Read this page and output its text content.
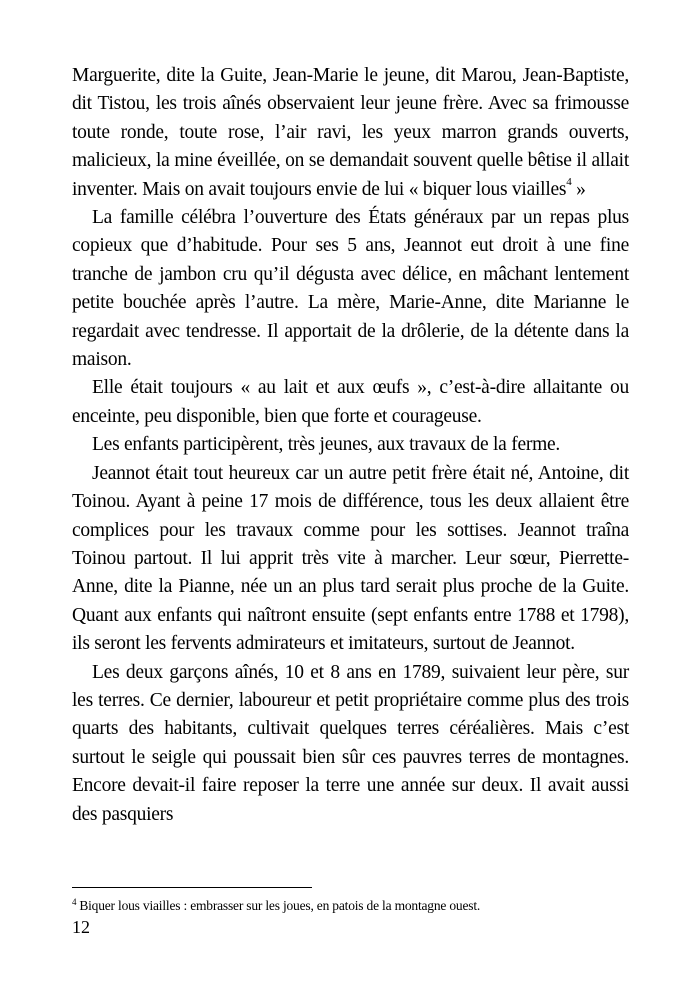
Marguerite, dite la Guite, Jean-Marie le jeune, dit Marou, Jean-Baptiste, dit Tistou, les trois aînés observaient leur jeune frère. Avec sa frimousse toute ronde, toute rose, l’air ravi, les yeux marron grands ouverts, malicieux, la mine éveillée, on se demandait souvent quelle bêtise il allait inventer. Mais on avait toujours envie de lui « biquer lous viailles$^4$ »

La famille célébra l’ouverture des États généraux par un repas plus copieux que d’habitude. Pour ses 5 ans, Jeannot eut droit à une fine tranche de jambon cru qu’il dégusta avec délice, en mâchant lentement petite bouchée après l’autre. La mère, Marie-Anne, dite Marianne le regardait avec tendresse. Il apportait de la drôlerie, de la détente dans la maison.

Elle était toujours « au lait et aux œufs », c’est-à-dire allaitante ou enceinte, peu disponible, bien que forte et courageuse.

Les enfants participèrent, très jeunes, aux travaux de la ferme.

Jeannot était tout heureux car un autre petit frère était né, Antoine, dit Toinou. Ayant à peine 17 mois de différence, tous les deux allaient être complices pour les travaux comme pour les sottises. Jeannot traîna Toinou partout. Il lui apprit très vite à marcher. Leur sœur, Pierrette-Anne, dite la Pianne, née un an plus tard serait plus proche de la Guite. Quant aux enfants qui naîtront ensuite (sept enfants entre 1788 et 1798), ils seront les fervents admirateurs et imitateurs, surtout de Jeannot.

Les deux garçons aînés, 10 et 8 ans en 1789, suivaient leur père, sur les terres. Ce dernier, laboureur et petit propriétaire comme plus des trois quarts des habitants, cultivait quelques terres céréalières. Mais c’est surtout le seigle qui poussait bien sûr ces pauvres terres de montagnes. Encore devait-il faire reposer la terre une année sur deux. Il avait aussi des pasquiers

$^4$ Biquer lous viailles : embrasser sur les joues, en patois de la montagne ouest.
12
